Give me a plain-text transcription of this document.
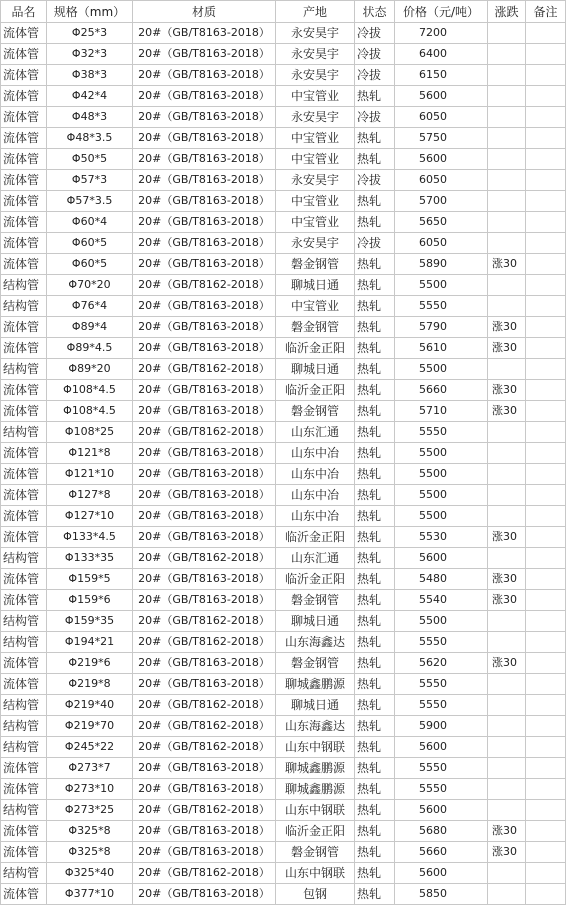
品名	规格（mm）	材质	产地	状态	价格（元/吨）	涨跌	备注
流体管	Φ25*3	20#（GB/T8163-2018）	永安昊宇	冷拔	7200		
流体管	Φ32*3	20#（GB/T8163-2018）	永安昊宇	冷拔	6400		
流体管	Φ38*3	20#（GB/T8163-2018）	永安昊宇	冷拔	6150		
流体管	Φ42*4	20#（GB/T8163-2018）	中宝管业	热轧	5600		
流体管	Φ48*3	20#（GB/T8163-2018）	永安昊宇	冷拔	6050		
流体管	Φ48*3.5	20#（GB/T8163-2018）	中宝管业	热轧	5750		
流体管	Φ50*5	20#（GB/T8163-2018）	中宝管业	热轧	5600		
流体管	Φ57*3	20#（GB/T8163-2018）	永安昊宇	冷拔	6050		
流体管	Φ57*3.5	20#（GB/T8163-2018）	中宝管业	热轧	5700		
流体管	Φ60*4	20#（GB/T8163-2018）	中宝管业	热轧	5650		
流体管	Φ60*5	20#（GB/T8163-2018）	永安昊宇	冷拔	6050		
流体管	Φ60*5	20#（GB/T8163-2018）	磐金钢管	热轧	5890	涨30	
结构管	Φ70*20	20#（GB/T8162-2018）	聊城日通	热轧	5500		
结构管	Φ76*4	20#（GB/T8163-2018）	中宝管业	热轧	5550		
流体管	Φ89*4	20#（GB/T8163-2018）	磐金钢管	热轧	5790	涨30	
流体管	Φ89*4.5	20#（GB/T8163-2018）	临沂金正阳	热轧	5610	涨30	
结构管	Φ89*20	20#（GB/T8162-2018）	聊城日通	热轧	5500		
流体管	Φ108*4.5	20#（GB/T8163-2018）	临沂金正阳	热轧	5660	涨30	
流体管	Φ108*4.5	20#（GB/T8163-2018）	磐金钢管	热轧	5710	涨30	
结构管	Φ108*25	20#（GB/T8162-2018）	山东汇通	热轧	5550		
流体管	Φ121*8	20#（GB/T8163-2018）	山东中冶	热轧	5500		
流体管	Φ121*10	20#（GB/T8163-2018）	山东中冶	热轧	5500		
流体管	Φ127*8	20#（GB/T8163-2018）	山东中冶	热轧	5500		
流体管	Φ127*10	20#（GB/T8163-2018）	山东中冶	热轧	5500		
流体管	Φ133*4.5	20#（GB/T8163-2018）	临沂金正阳	热轧	5530	涨30	
结构管	Φ133*35	20#（GB/T8162-2018）	山东汇通	热轧	5600		
流体管	Φ159*5	20#（GB/T8163-2018）	临沂金正阳	热轧	5480	涨30	
流体管	Φ159*6	20#（GB/T8163-2018）	磐金钢管	热轧	5540	涨30	
结构管	Φ159*35	20#（GB/T8162-2018）	聊城日通	热轧	5500		
结构管	Φ194*21	20#（GB/T8162-2018）	山东海鑫达	热轧	5550		
流体管	Φ219*6	20#（GB/T8163-2018）	磐金钢管	热轧	5620	涨30	
流体管	Φ219*8	20#（GB/T8163-2018）	聊城鑫鹏源	热轧	5550		
结构管	Φ219*40	20#（GB/T8162-2018）	聊城日通	热轧	5550		
结构管	Φ219*70	20#（GB/T8162-2018）	山东海鑫达	热轧	5900		
结构管	Φ245*22	20#（GB/T8162-2018）	山东中钢联	热轧	5600		
流体管	Φ273*7	20#（GB/T8163-2018）	聊城鑫鹏源	热轧	5550		
流体管	Φ273*10	20#（GB/T8163-2018）	聊城鑫鹏源	热轧	5550		
结构管	Φ273*25	20#（GB/T8162-2018）	山东中钢联	热轧	5600		
流体管	Φ325*8	20#（GB/T8163-2018）	临沂金正阳	热轧	5680	涨30	
流体管	Φ325*8	20#（GB/T8163-2018）	磐金钢管	热轧	5660	涨30	
结构管	Φ325*40	20#（GB/T8162-2018）	山东中钢联	热轧	5600		
流体管	Φ377*10	20#（GB/T8163-2018）	包钢	热轧	5850		
